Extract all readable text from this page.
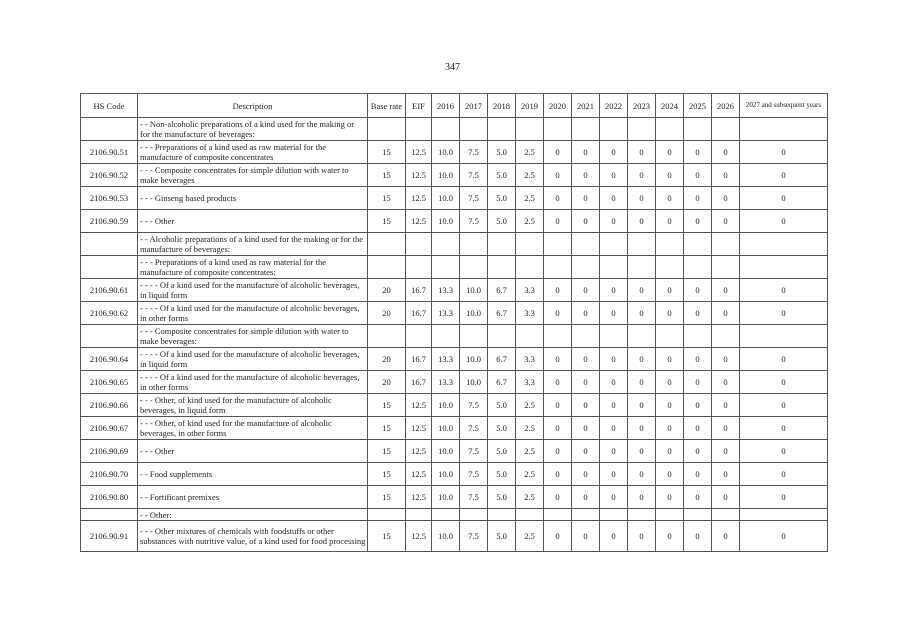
347
HS Code	Description	Base rate	EIF	2016	2017	2018	2019	2020	2021	2022	2023	2024	2025	2026	2027 and subsequent years
	- - Non-alcoholic preparations of a kind used for the making or for the manufacture of beverages:														
2106.90.51	- - - Preparations of a kind used as raw material for the manufacture of composite concentrates	15	12.5	10.0	7.5	5.0	2.5	0	0	0	0	0	0	0	0
2106.90.52	- - - Composite concentrates for simple dilution with water to make beverages	15	12.5	10.0	7.5	5.0	2.5	0	0	0	0	0	0	0	0
2106.90.53	- - - Ginseng based products	15	12.5	10.0	7.5	5.0	2.5	0	0	0	0	0	0	0	0
2106.90.59	- - - Other	15	12.5	10.0	7.5	5.0	2.5	0	0	0	0	0	0	0	0
	- - Alcoholic preparations of a kind used for the making or for the manufacture of beverages:														
	- - - Preparations of a kind used as raw material for the manufacture of composite concentrates:														
2106.90.61	- - - - Of a kind used for the manufacture of alcoholic beverages, in liquid form	20	16.7	13.3	10.0	6.7	3.3	0	0	0	0	0	0	0	0
2106.90.62	- - - - Of a kind used for the manufacture of alcoholic beverages, in other forms	20	16.7	13.3	10.0	6.7	3.3	0	0	0	0	0	0	0	0
	- - - Composite concentrates for simple dilution with water to make beverages:														
2106.90.64	- - - - Of a kind used for the manufacture of alcoholic beverages, in liquid form	20	16.7	13.3	10.0	6.7	3.3	0	0	0	0	0	0	0	0
2106.90.65	- - - - Of a kind used for the manufacture of alcoholic beverages, in other forms	20	16.7	13.3	10.0	6.7	3.3	0	0	0	0	0	0	0	0
2106.90.66	- - - Other, of kind used for the manufacture of alcoholic beverages, in liquid form	15	12.5	10.0	7.5	5.0	2.5	0	0	0	0	0	0	0	0
2106.90.67	- - - Other, of kind used for the manufacture of alcoholic beverages, in other forms	15	12.5	10.0	7.5	5.0	2.5	0	0	0	0	0	0	0	0
2106.90.69	- - - Other	15	12.5	10.0	7.5	5.0	2.5	0	0	0	0	0	0	0	0
2106.90.70	- - Food supplements	15	12.5	10.0	7.5	5.0	2.5	0	0	0	0	0	0	0	0
2106.90.80	- - Fortificant premixes	15	12.5	10.0	7.5	5.0	2.5	0	0	0	0	0	0	0	0
	- - Other:														
2106.90.91	- - - Other mixtures of chemicals with foodstuffs or other substances with nutritive value, of a kind used for food processing	15	12.5	10.0	7.5	5.0	2.5	0	0	0	0	0	0	0	0
